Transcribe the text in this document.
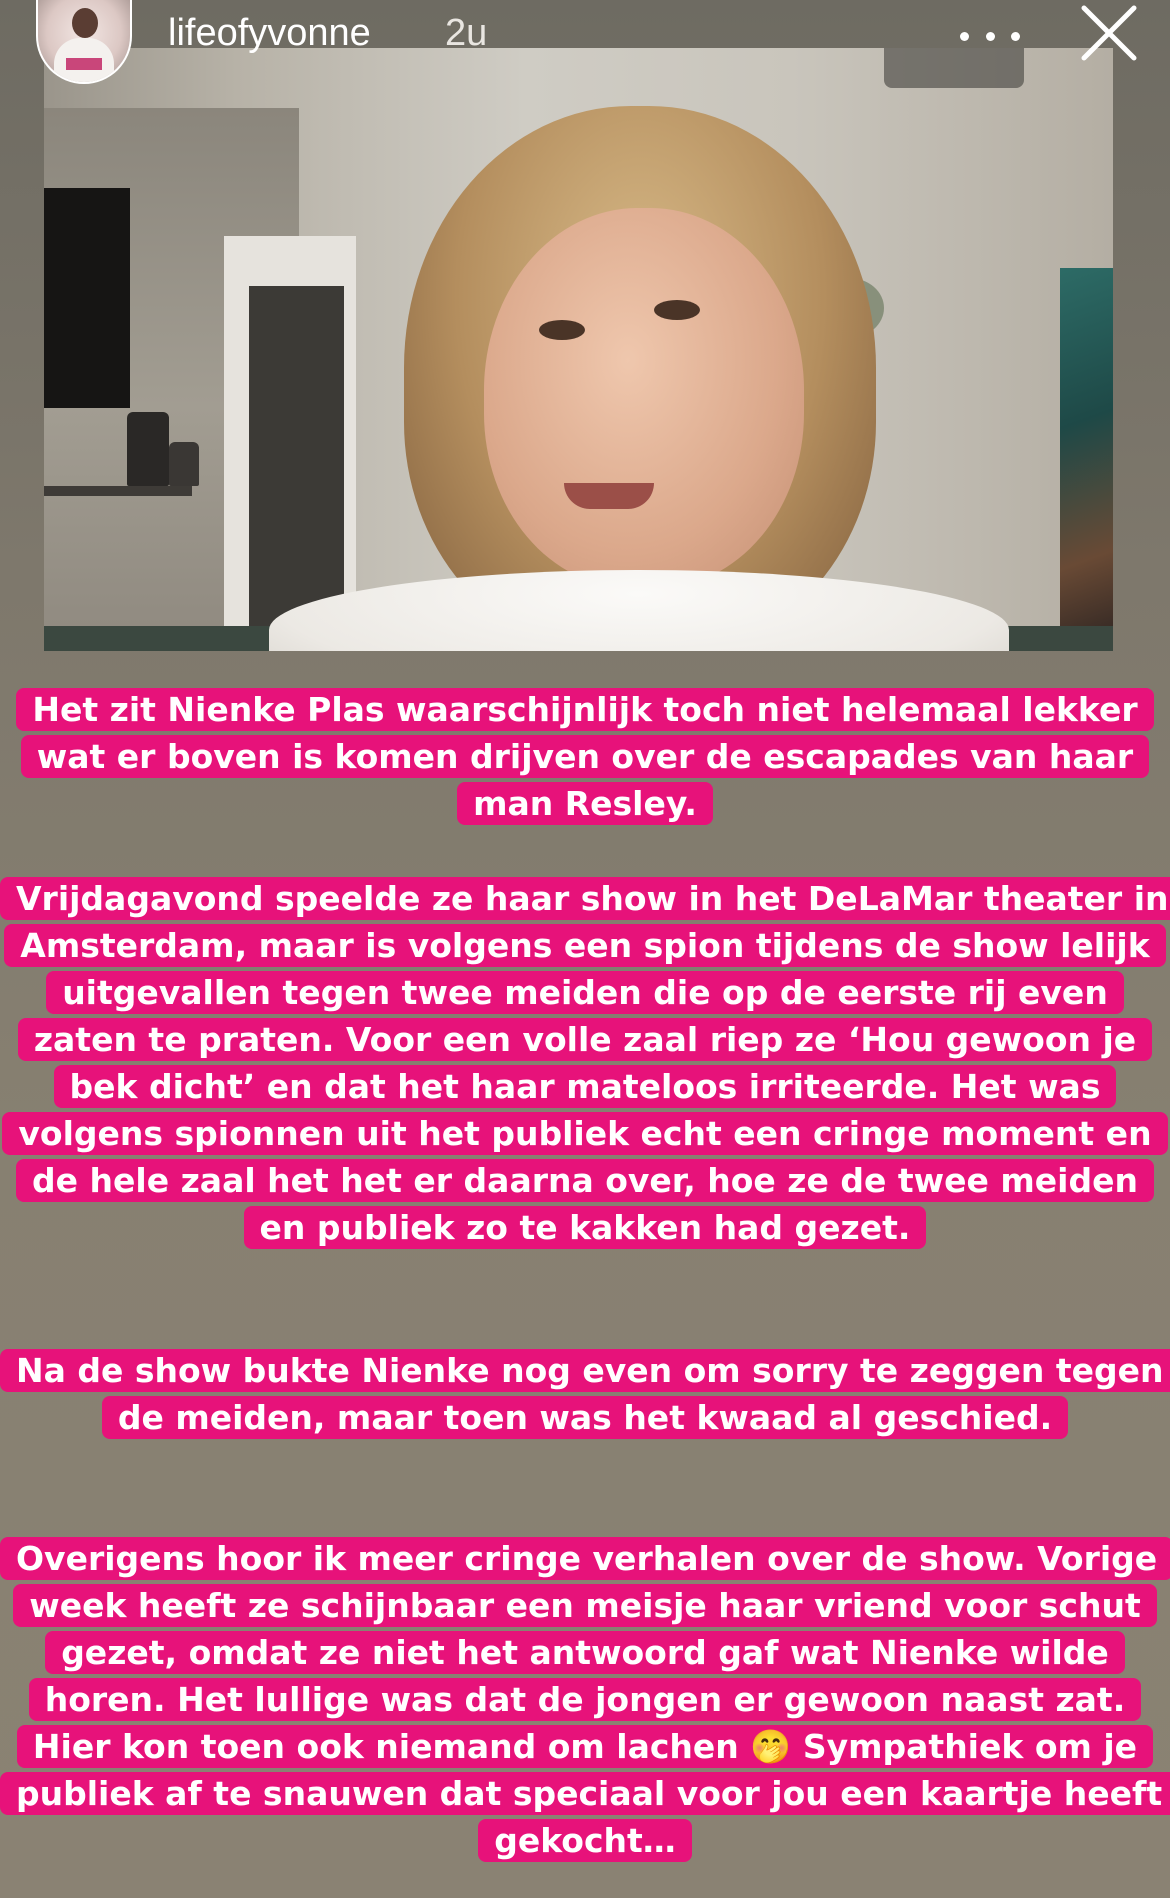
lifeofyvonne 2u
Het zit Nienke Plas waarschijnlijk toch niet helemaal lekker wat er boven is komen drijven over de escapades van haar man Resley.
Vrijdagavond speelde ze haar show in het DeLaMar theater in Amsterdam, maar is volgens een spion tijdens de show lelijk uitgevallen tegen twee meiden die op de eerste rij even zaten te praten. Voor een volle zaal riep ze ‘Hou gewoon je bek dicht’ en dat het haar mateloos irriteerde. Het was volgens spionnen uit het publiek echt een cringe moment en de hele zaal het het er daarna over, hoe ze de twee meiden en publiek zo te kakken had gezet.
Na de show bukte Nienke nog even om sorry te zeggen tegen de meiden, maar toen was het kwaad al geschied.
Overigens hoor ik meer cringe verhalen over de show. Vorige week heeft ze schijnbaar een meisje haar vriend voor schut gezet, omdat ze niet het antwoord gaf wat Nienke wilde horen. Het lullige was dat de jongen er gewoon naast zat. Hier kon toen ook niemand om lachen 🤭 Sympathiek om je publiek af te snauwen dat speciaal voor jou een kaartje heeft gekocht…
